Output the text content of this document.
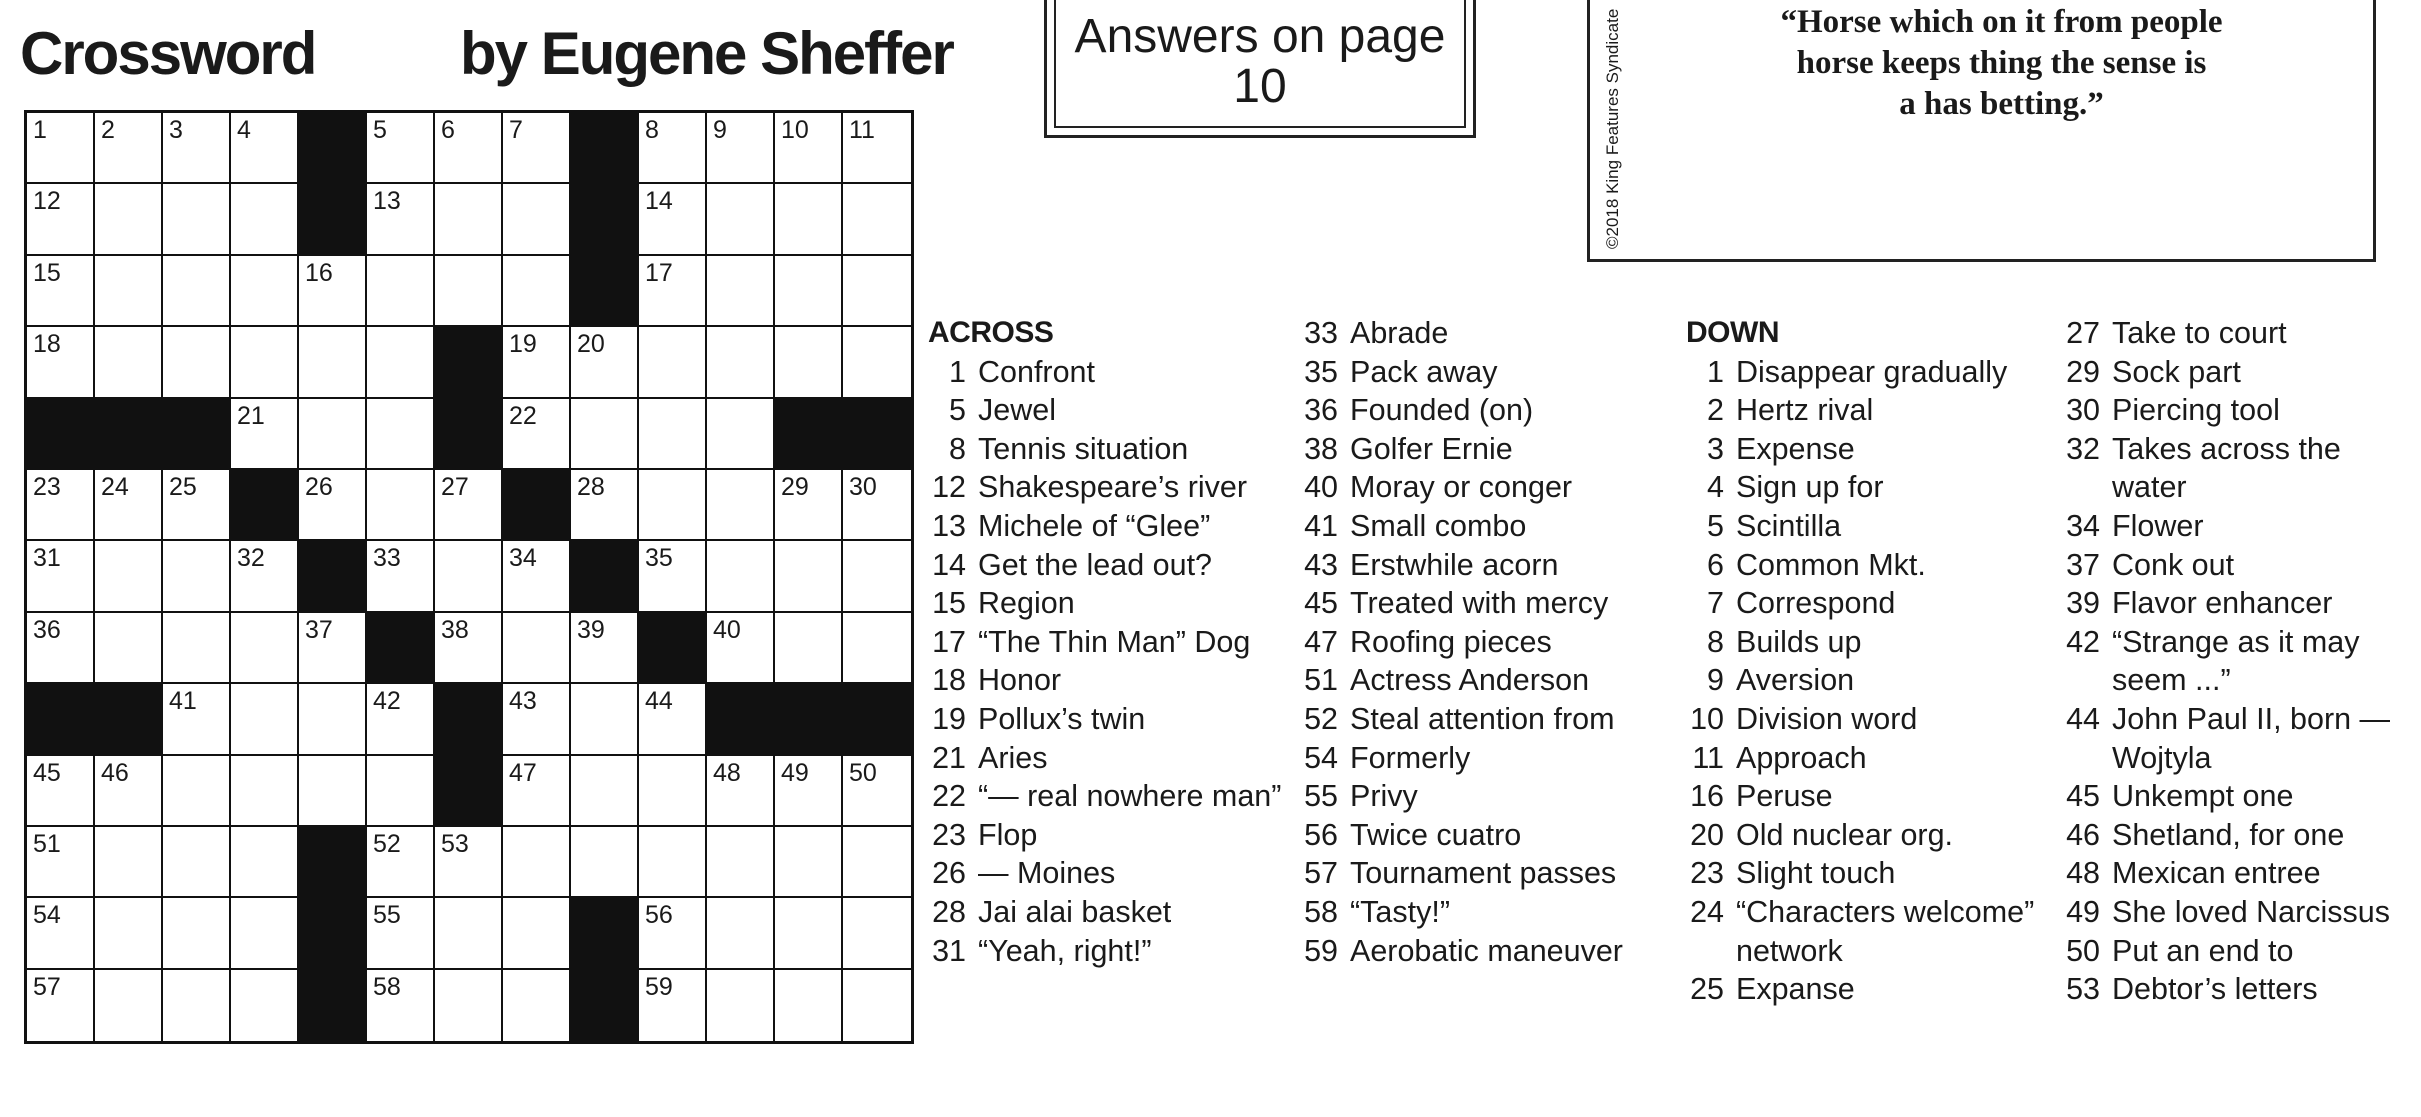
Crossword by Eugene Sheffer	Answers on page
10	©2018 King Features Syndicate	“Horse which on it from people
horse keeps thing the sense is
a has betting.”
1 2 3 4	5 6 7	8 9 10 11
12	13	14
15	16	17
18	19 20
21	22
23 24 25	26	27	28	29 30
31	32	33	34	35
36	37	38	39	40
41	42	43	44
45 46	47	48 49 50
51	52 53
54	55	56
57	58	59
ACROSS
1 Confront
5 Jewel
8 Tennis situation
12 Shakespeare’s river
13 Michele of “Glee”
14 Get the lead out?
15 Region
17 “The Thin Man” Dog
18 Honor
19 Pollux’s twin
21 Aries
22 “— real nowhere man”
23 Flop
26 — Moines
28 Jai alai basket
31 “Yeah, right!”
33 Abrade
35 Pack away
36 Founded (on)
38 Golfer Ernie
40 Moray or conger
41 Small combo
43 Erstwhile acorn
45 Treated with mercy
47 Roofing pieces
51 Actress Anderson
52 Steal attention from
54 Formerly
55 Privy
56 Twice cuatro
57 Tournament passes
58 “Tasty!”
59 Aerobatic maneuver
DOWN
1 Disappear gradually
2 Hertz rival
3 Expense
4 Sign up for
5 Scintilla
6 Common Mkt.
7 Correspond
8 Builds up
9 Aversion
10 Division word
11 Approach
16 Peruse
20 Old nuclear org.
23 Slight touch
24 “Characters welcome” network
25 Expanse
27 Take to court
29 Sock part
30 Piercing tool
32 Takes across the water
34 Flower
37 Conk out
39 Flavor enhancer
42 “Strange as it may seem ...”
44 John Paul II, born — Wojtyla
45 Unkempt one
46 Shetland, for one
48 Mexican entree
49 She loved Narcissus
50 Put an end to
53 Debtor’s letters
